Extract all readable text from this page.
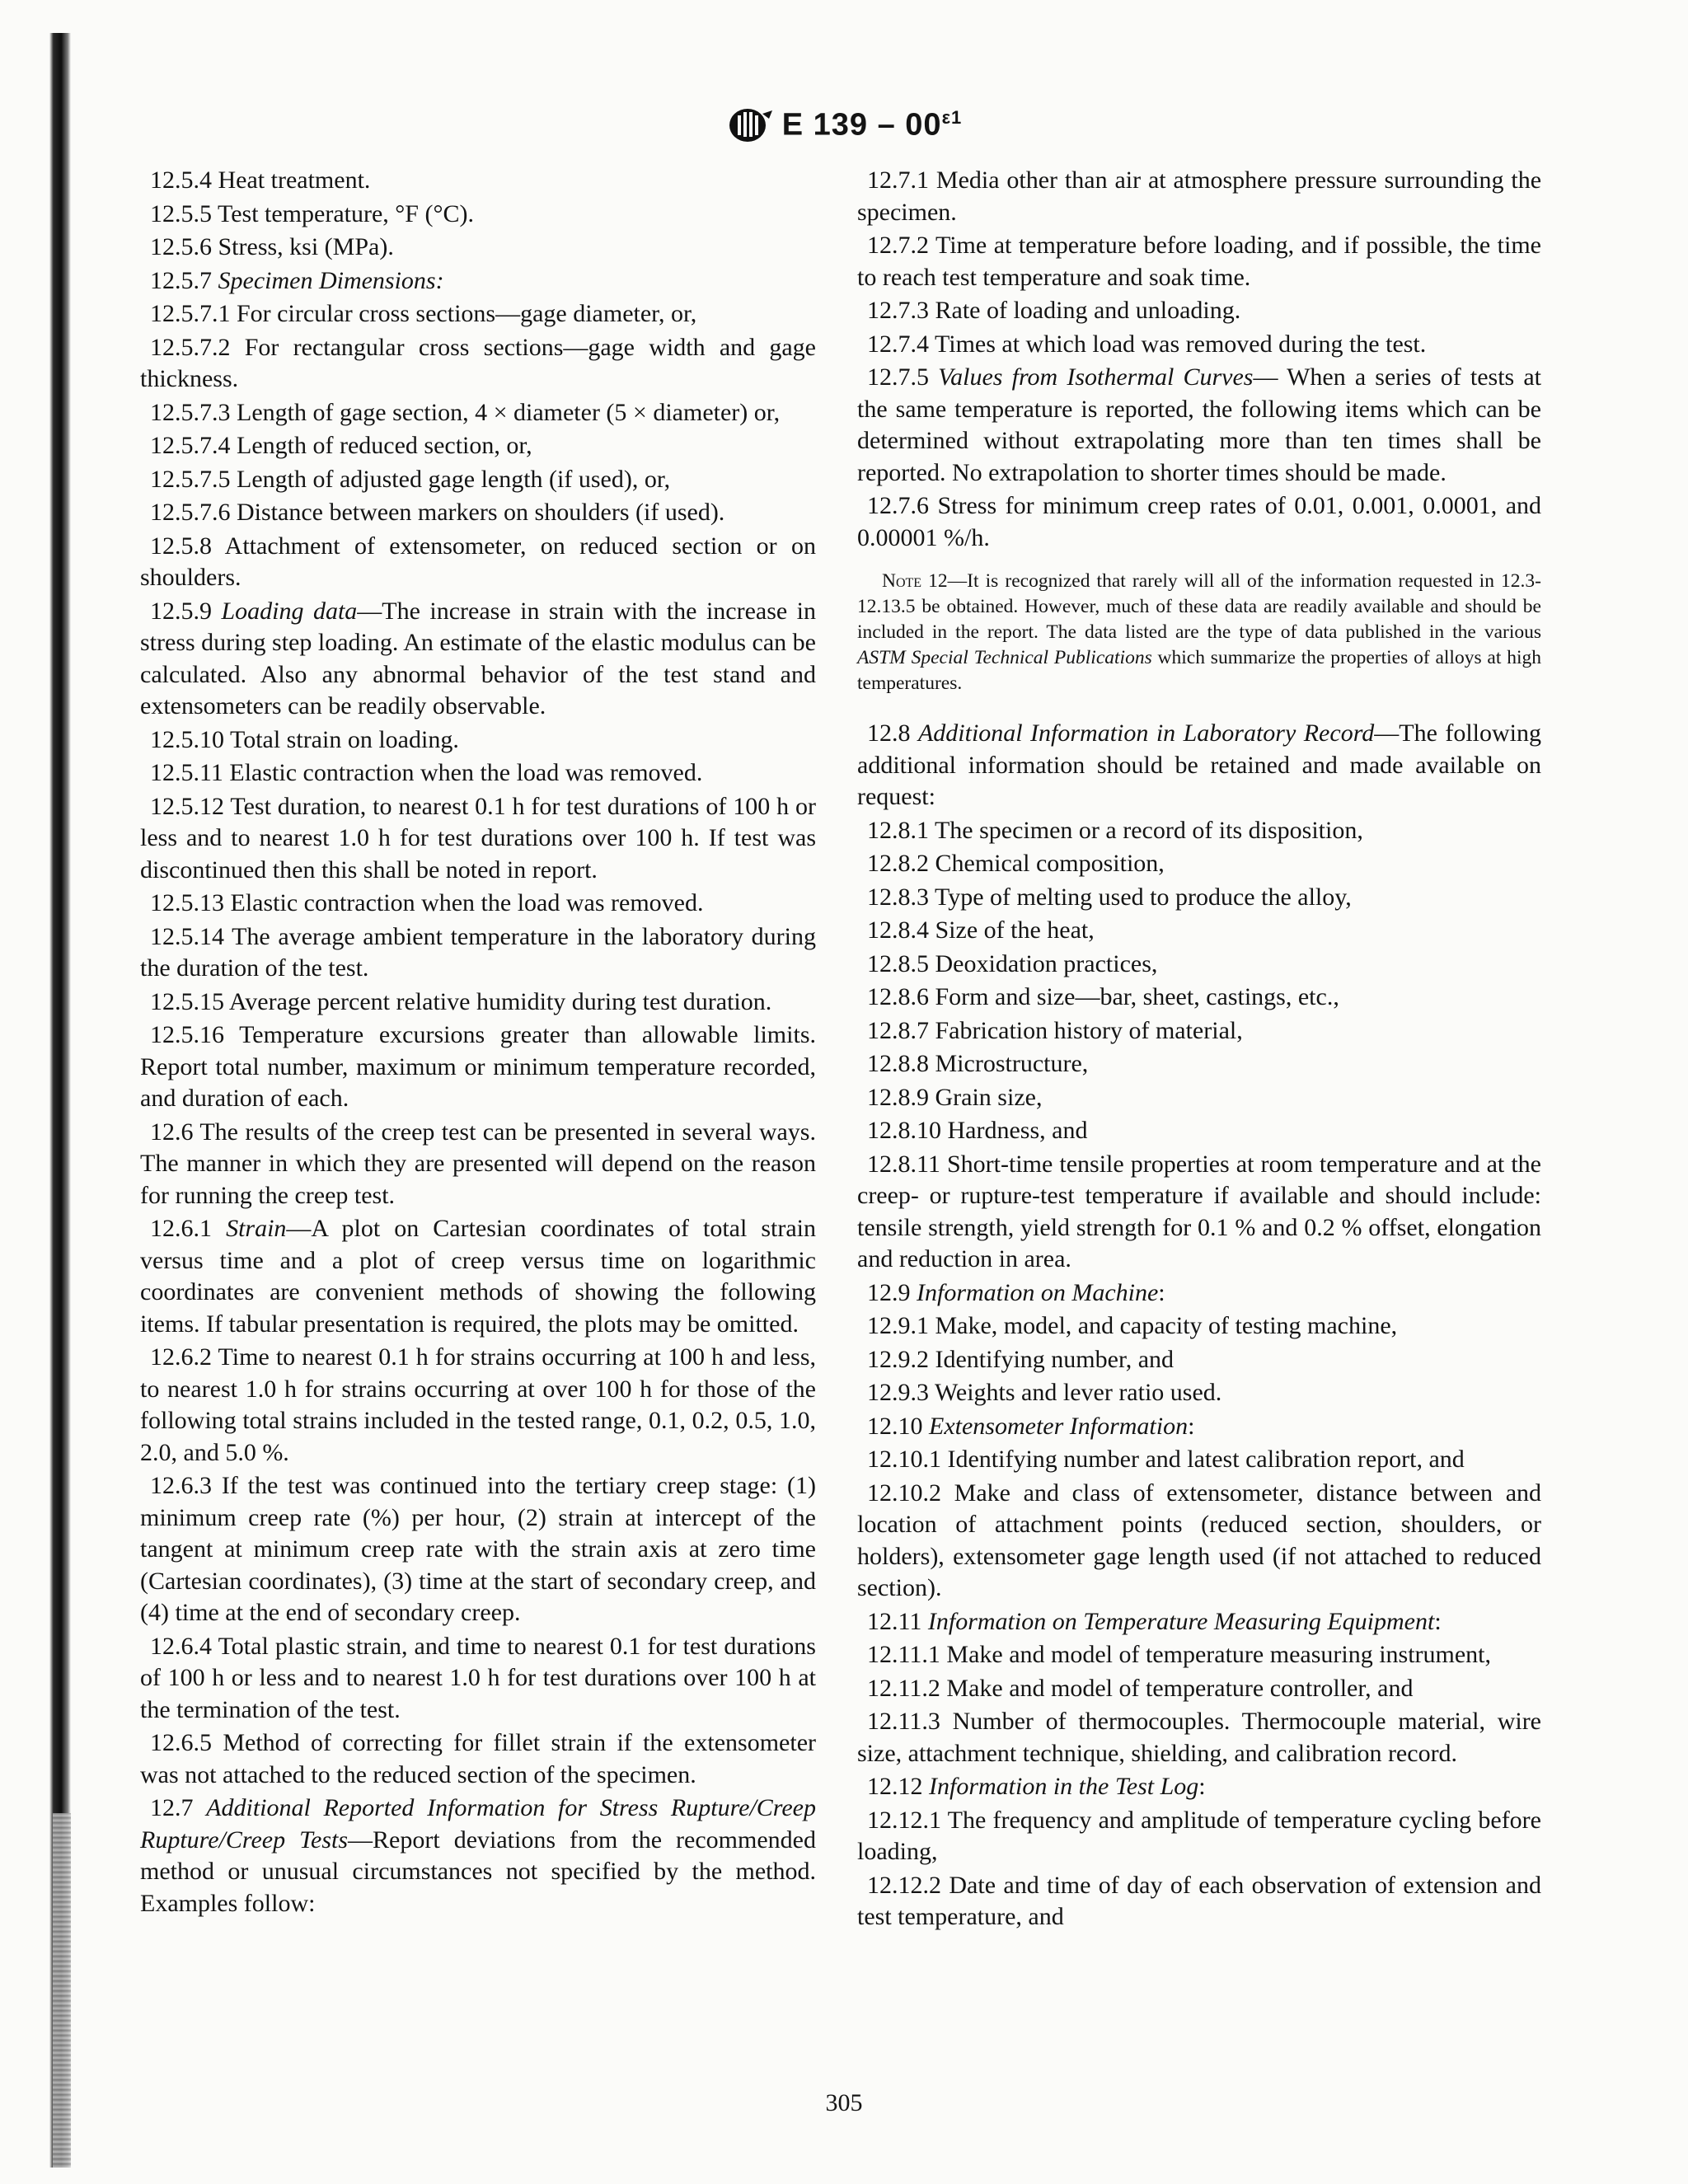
E $139 - 00^{\varepsilon 1}$

12.5.4 Heat treatment.

12.5.5 Test temperature, °F (°C).

12.5.6 Stress, ksi (MPa).

12.5.7 Specimen Dimensions:

12.5.7.1 For circular cross sections—gage diameter, or,

12.5.7.2 For rectangular cross sections—gage width and gage thickness.

12.5.7.3 Length of gage section, 4 × diameter (5 × diameter) or,

12.5.7.4 Length of reduced section, or,

12.5.7.5 Length of adjusted gage length (if used), or,

12.5.7.6 Distance between markers on shoulders (if used).

12.5.8 Attachment of extensometer, on reduced section or on shoulders.

12.5.9 Loading data—The increase in strain with the increase in stress during step loading. An estimate of the elastic modulus can be calculated. Also any abnormal behavior of the test stand and extensometers can be readily observable.

12.5.10 Total strain on loading.

12.5.11 Elastic contraction when the load was removed.

12.5.12 Test duration, to nearest 0.1 h for test durations of 100 h or less and to nearest 1.0 h for test durations over 100 h. If test was discontinued then this shall be noted in report.

12.5.13 Elastic contraction when the load was removed.

12.5.14 The average ambient temperature in the laboratory during the duration of the test.

12.5.15 Average percent relative humidity during test duration.

12.5.16 Temperature excursions greater than allowable limits. Report total number, maximum or minimum temperature recorded, and duration of each.

12.6 The results of the creep test can be presented in several ways. The manner in which they are presented will depend on the reason for running the creep test.

12.6.1 Strain—A plot on Cartesian coordinates of total strain versus time and a plot of creep versus time on logarithmic coordinates are convenient methods of showing the following items. If tabular presentation is required, the plots may be omitted.

12.6.2 Time to nearest 0.1 h for strains occurring at 100 h and less, to nearest 1.0 h for strains occurring at over 100 h for those of the following total strains included in the tested range, 0.1, 0.2, 0.5, 1.0, 2.0, and 5.0 %.

12.6.3 If the test was continued into the tertiary creep stage: (1) minimum creep rate (%) per hour, (2) strain at intercept of the tangent at minimum creep rate with the strain axis at zero time (Cartesian coordinates), (3) time at the start of secondary creep, and (4) time at the end of secondary creep.

12.6.4 Total plastic strain, and time to nearest 0.1 for test durations of 100 h or less and to nearest 1.0 h for test durations over 100 h at the termination of the test.

12.6.5 Method of correcting for fillet strain if the extensometer was not attached to the reduced section of the specimen.

12.7 Additional Reported Information for Stress Rupture/Creep Rupture/Creep Tests—Report deviations from the recommended method or unusual circumstances not specified by the method. Examples follow:

12.7.1 Media other than air at atmosphere pressure surrounding the specimen.

12.7.2 Time at temperature before loading, and if possible, the time to reach test temperature and soak time.

12.7.3 Rate of loading and unloading.

12.7.4 Times at which load was removed during the test.

12.7.5 Values from Isothermal Curves— When a series of tests at the same temperature is reported, the following items which can be determined without extrapolating more than ten times shall be reported. No extrapolation to shorter times should be made.

12.7.6 Stress for minimum creep rates of 0.01, 0.001, 0.0001, and 0.00001 %/h.

Note 12—It is recognized that rarely will all of the information requested in 12.3-12.13.5 be obtained. However, much of these data are readily available and should be included in the report. The data listed are the type of data published in the various ASTM Special Technical Publications which summarize the properties of alloys at high temperatures.

12.8 Additional Information in Laboratory Record—The following additional information should be retained and made available on request:

12.8.1 The specimen or a record of its disposition,

12.8.2 Chemical composition,

12.8.3 Type of melting used to produce the alloy,

12.8.4 Size of the heat,

12.8.5 Deoxidation practices,

12.8.6 Form and size—bar, sheet, castings, etc.,

12.8.7 Fabrication history of material,

12.8.8 Microstructure,

12.8.9 Grain size,

12.8.10 Hardness, and

12.8.11 Short-time tensile properties at room temperature and at the creep- or rupture-test temperature if available and should include: tensile strength, yield strength for 0.1 % and 0.2 % offset, elongation and reduction in area.

12.9 Information on Machine:

12.9.1 Make, model, and capacity of testing machine,

12.9.2 Identifying number, and

12.9.3 Weights and lever ratio used.

12.10 Extensometer Information:

12.10.1 Identifying number and latest calibration report, and

12.10.2 Make and class of extensometer, distance between and location of attachment points (reduced section, shoulders, or holders), extensometer gage length used (if not attached to reduced section).

12.11 Information on Temperature Measuring Equipment:

12.11.1 Make and model of temperature measuring instrument,

12.11.2 Make and model of temperature controller, and

12.11.3 Number of thermocouples. Thermocouple material, wire size, attachment technique, shielding, and calibration record.

12.12 Information in the Test Log:

12.12.1 The frequency and amplitude of temperature cycling before loading,

12.12.2 Date and time of day of each observation of extension and test temperature, and

305
